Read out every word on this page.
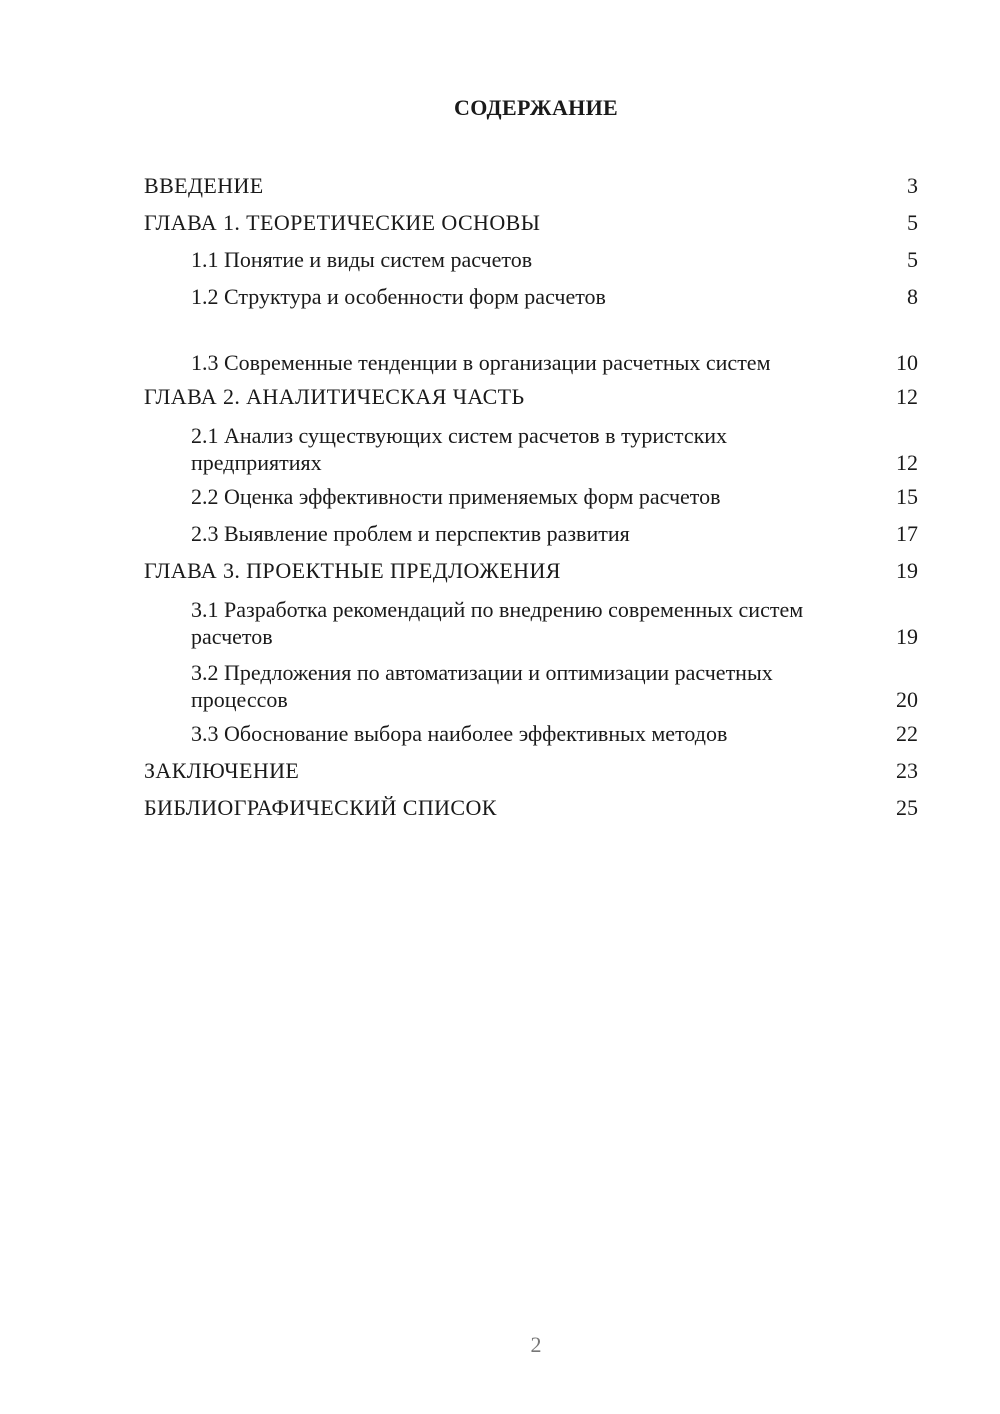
СОДЕРЖАНИЕ
ВВЕДЕНИЕ	3
ГЛАВА 1. ТЕОРЕТИЧЕСКИЕ ОСНОВЫ	5
1.1 Понятие и виды систем расчетов	5
1.2 Структура и особенности форм расчетов	8
1.3 Современные тенденции в организации расчетных систем	10
ГЛАВА 2. АНАЛИТИЧЕСКАЯ ЧАСТЬ	12
2.1 Анализ существующих систем расчетов в туристских предприятиях	12
2.2 Оценка эффективности применяемых форм расчетов	15
2.3 Выявление проблем и перспектив развития	17
ГЛАВА 3. ПРОЕКТНЫЕ ПРЕДЛОЖЕНИЯ	19
3.1 Разработка рекомендаций по внедрению современных систем расчетов	19
3.2 Предложения по автоматизации и оптимизации расчетных процессов	20
3.3 Обоснование выбора наиболее эффективных методов	22
ЗАКЛЮЧЕНИЕ	23
БИБЛИОГРАФИЧЕСКИЙ СПИСОК	25
2
